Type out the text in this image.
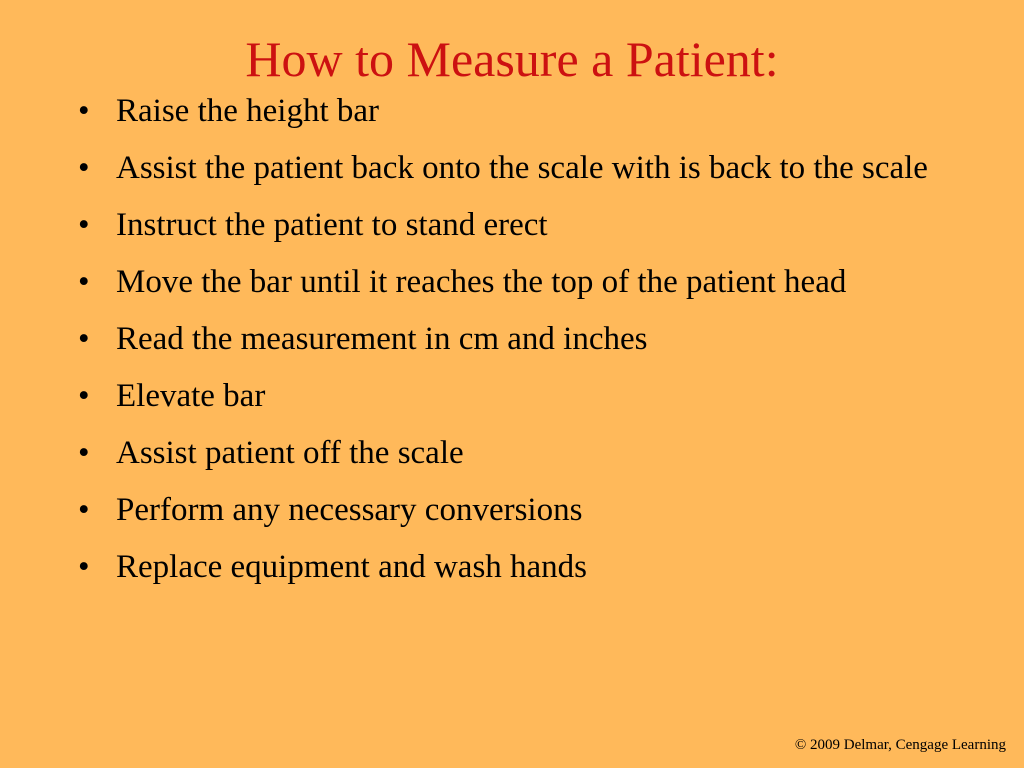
How to Measure a Patient:
• Raise the height bar
• Assist the patient back onto the scale with is back to the scale
• Instruct the patient to stand erect
• Move the bar until it reaches the top of the patient head
• Read the measurement in cm and inches
• Elevate bar
• Assist patient off the scale
• Perform any necessary conversions
• Replace equipment and wash hands
© 2009 Delmar, Cengage Learning
